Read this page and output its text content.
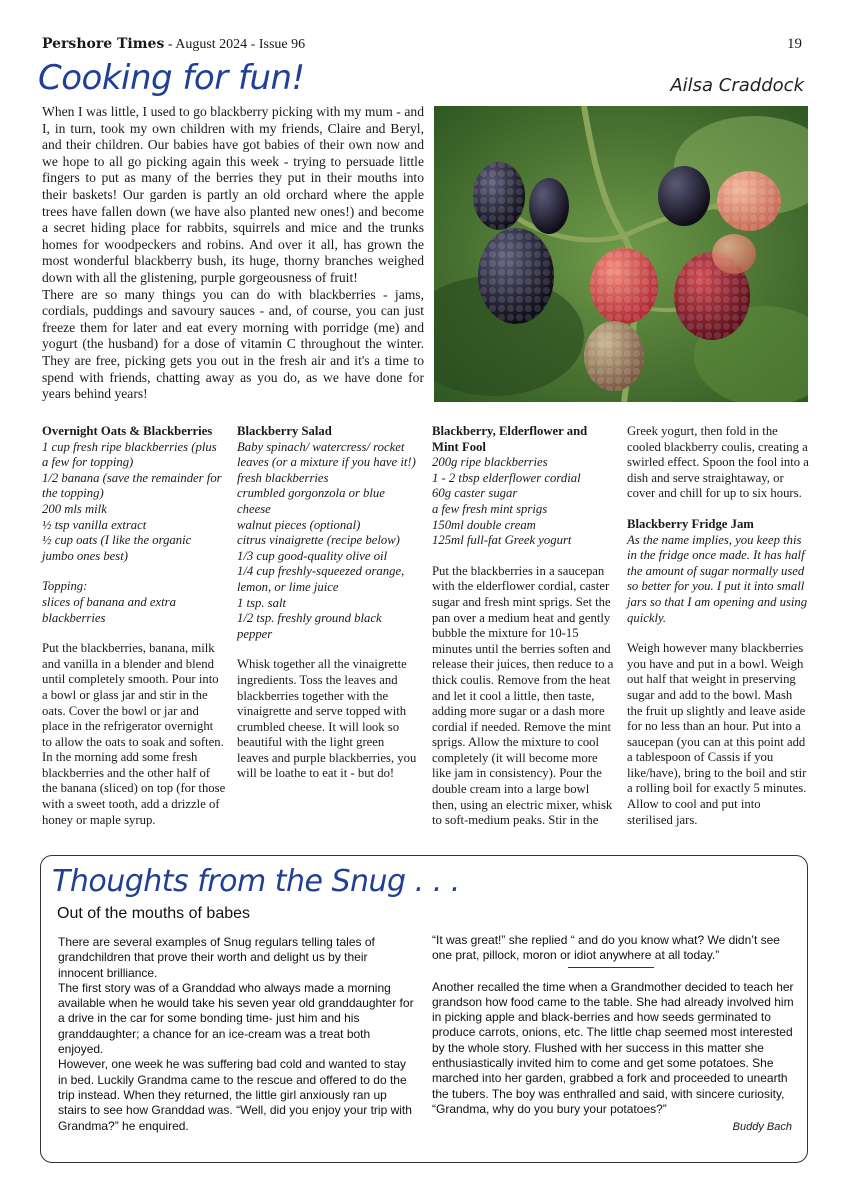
Pershore Times - August 2024 - Issue 96	19
Cooking for fun!	Ailsa Craddock

When I was little, I used to go blackberry picking with my mum - and I, in turn, took my own children with my friends, Claire and Beryl, and their children. Our babies have got babies of their own now and we hope to all go picking again this week - trying to persuade little fingers to put as many of the berries they put in their mouths into their baskets! Our garden is partly an old orchard where the apple trees have fallen down (we have also planted new ones!) and become a secret hiding place for rabbits, squirrels and mice and the trunks homes for woodpeckers and robins. And over it all, has grown the most wonderful blackberry bush, its huge, thorny branches weighed down with all the glistening, purple gorgeousness of fruit!

There are so many things you can do with blackberries - jams, cordials, puddings and savoury sauces - and, of course, you can just freeze them for later and eat every morning with porridge (me) and yogurt (the husband) for a dose of vitamin C throughout the winter. They are free, picking gets you out in the fresh air and it's a time to spend with friends, chatting away as you do, as we have done for years behind years!

Overnight Oats & Blackberries

1 cup fresh ripe blackberries (plus a few for topping)

1/2 banana (save the remainder for the topping)

200 mls milk

½ tsp vanilla extract

½ cup oats (I like the organic jumbo ones best)

Topping:

slices of banana and extra blackberries

Put the blackberries, banana, milk and vanilla in a blender and blend until completely smooth. Pour into a bowl or glass jar and stir in the oats. Cover the bowl or jar and place in the refrigerator overnight to allow the oats to soak and soften. In the morning add some fresh blackberries and the other half of the banana (sliced) on top (for those with a sweet tooth, add a drizzle of honey or maple syrup.

Blackberry Salad

Baby spinach/ watercress/ rocket leaves (or a mixture if you have it!)

fresh blackberries

crumbled gorgonzola or blue cheese

walnut pieces (optional)

citrus vinaigrette (recipe below)

1/3 cup good-quality olive oil

1/4 cup freshly-squeezed orange, lemon, or lime juice

1 tsp. salt

1/2 tsp. freshly ground black pepper

Whisk together all the vinaigrette ingredients. Toss the leaves and blackberries together with the vinaigrette and serve topped with crumbled cheese. It will look so beautiful with the light green leaves and purple blackberries, you will be loathe to eat it - but do!

Blackberry, Elderflower and Mint Fool

200g ripe blackberries

1 - 2 tbsp elderflower cordial

60g caster sugar

a few fresh mint sprigs

150ml double cream

125ml full-fat Greek yogurt

Put the blackberries in a saucepan with the elderflower cordial, caster sugar and fresh mint sprigs. Set the pan over a medium heat and gently bubble the mixture for 10-15 minutes until the berries soften and release their juices, then reduce to a thick coulis. Remove from the heat and let it cool a little, then taste, adding more sugar or a dash more cordial if needed. Remove the mint sprigs. Allow the mixture to cool completely (it will become more like jam in consistency). Pour the double cream into a large bowl then, using an electric mixer, whisk to soft-medium peaks. Stir in the

Greek yogurt, then fold in the cooled blackberry coulis, creating a swirled effect. Spoon the fool into a dish and serve straightaway, or cover and chill for up to six hours.

Blackberry Fridge Jam

As the name implies, you keep this in the fridge once made. It has half the amount of sugar normally used so better for you. I put it into small jars so that I am opening and using quickly.

Weigh however many blackberries you have and put in a bowl. Weigh out half that weight in preserving sugar and add to the bowl. Mash the fruit up slightly and leave aside for no less than an hour. Put into a saucepan (you can at this point add a tablespoon of Cassis if you like/have), bring to the boil and stir a rolling boil for exactly 5 minutes. Allow to cool and put into sterilised jars.

Thoughts from the Snug . . .
Out of the mouths of babes

There are several examples of Snug regulars telling tales of grandchildren that prove their worth and delight us by their innocent brilliance.

The first story was of a Granddad who always made a morning available when he would take his seven year old granddaughter for a drive in the car for some bonding time- just him and his granddaughter; a chance for an ice-cream was a treat both enjoyed.

However, one week he was suffering bad cold and wanted to stay in bed. Luckily Grandma came to the rescue and offered to do the trip instead. When they returned, the little girl anxiously ran up stairs to see how Granddad was. “Well, did you enjoy your trip with Grandma?” he enquired.

“It was great!” she replied “ and do you know what? We didn’t see one prat, pillock, moron or idiot anywhere at all today.”

Another recalled the time when a Grandmother decided to teach her grandson how food came to the table. She had already involved him in picking apple and black-berries and how seeds germinated to produce carrots, onions, etc. The little chap seemed most interested by the whole story. Flushed with her success in this matter she enthusiastically invited him to come and get some potatoes. She marched into her garden, grabbed a fork and proceeded to unearth the tubers. The boy was enthralled and said, with sincere curiosity, “Grandma, why do you bury your potatoes?”

Buddy Bach
